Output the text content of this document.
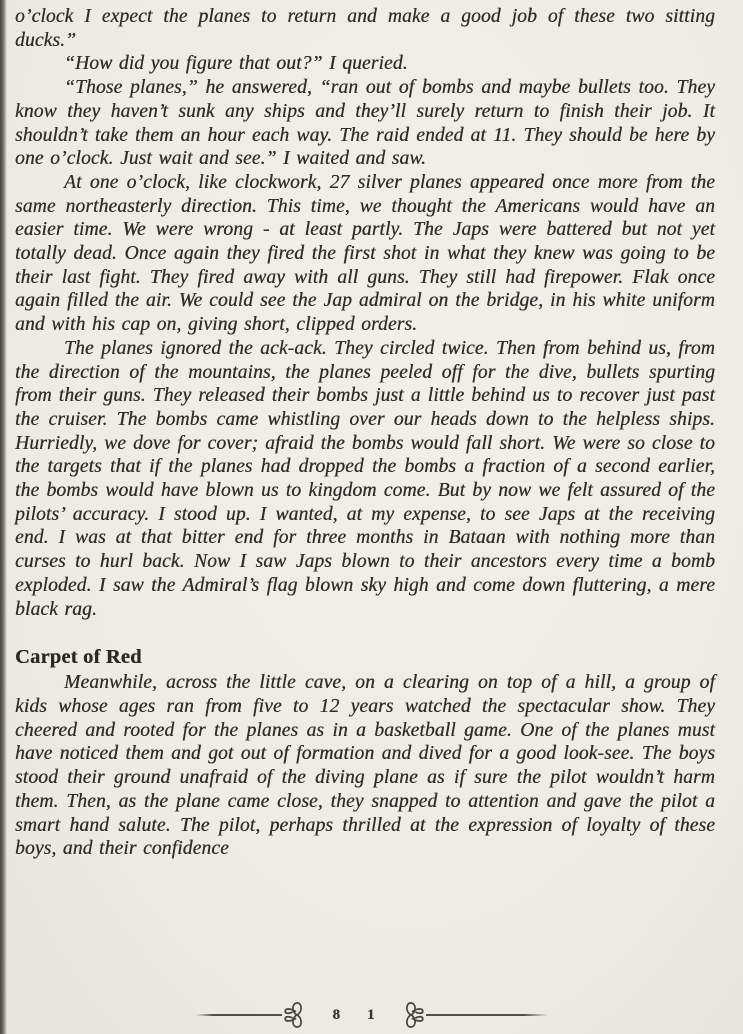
o’clock I expect the planes to return and make a good job of these two sitting ducks.”

“How did you figure that out?” I queried.

“Those planes,” he answered, “ran out of bombs and maybe bullets too. They know they haven’t sunk any ships and they’ll surely return to finish their job. It shouldn’t take them an hour each way. The raid ended at 11. They should be here by one o’clock. Just wait and see.” I waited and saw.

At one o’clock, like clockwork, 27 silver planes appeared once more from the same northeasterly direction. This time, we thought the Americans would have an easier time. We were wrong - at least partly. The Japs were battered but not yet totally dead. Once again they fired the first shot in what they knew was going to be their last fight. They fired away with all guns. They still had firepower. Flak once again filled the air. We could see the Jap admiral on the bridge, in his white uniform and with his cap on, giving short, clipped orders.

The planes ignored the ack-ack. They circled twice. Then from behind us, from the direction of the mountains, the planes peeled off for the dive, bullets spurting from their guns. They released their bombs just a little behind us to recover just past the cruiser. The bombs came whistling over our heads down to the helpless ships. Hurriedly, we dove for cover; afraid the bombs would fall short. We were so close to the targets that if the planes had dropped the bombs a fraction of a second earlier, the bombs would have blown us to kingdom come. But by now we felt assured of the pilots’ accuracy. I stood up. I wanted, at my expense, to see Japs at the receiving end. I was at that bitter end for three months in Bataan with nothing more than curses to hurl back. Now I saw Japs blown to their ancestors every time a bomb exploded. I saw the Admiral’s flag blown sky high and come down fluttering, a mere black rag.

Carpet of Red

Meanwhile, across the little cave, on a clearing on top of a hill, a group of kids whose ages ran from five to 12 years watched the spectacular show. They cheered and rooted for the planes as in a basketball game. One of the planes must have noticed them and got out of formation and dived for a good look-see. The boys stood their ground unafraid of the diving plane as if sure the pilot wouldn’t harm them. Then, as the plane came close, they snapped to attention and gave the pilot a smart hand salute. The pilot, perhaps thrilled at the expression of loyalty of these boys, and their confidence

81
